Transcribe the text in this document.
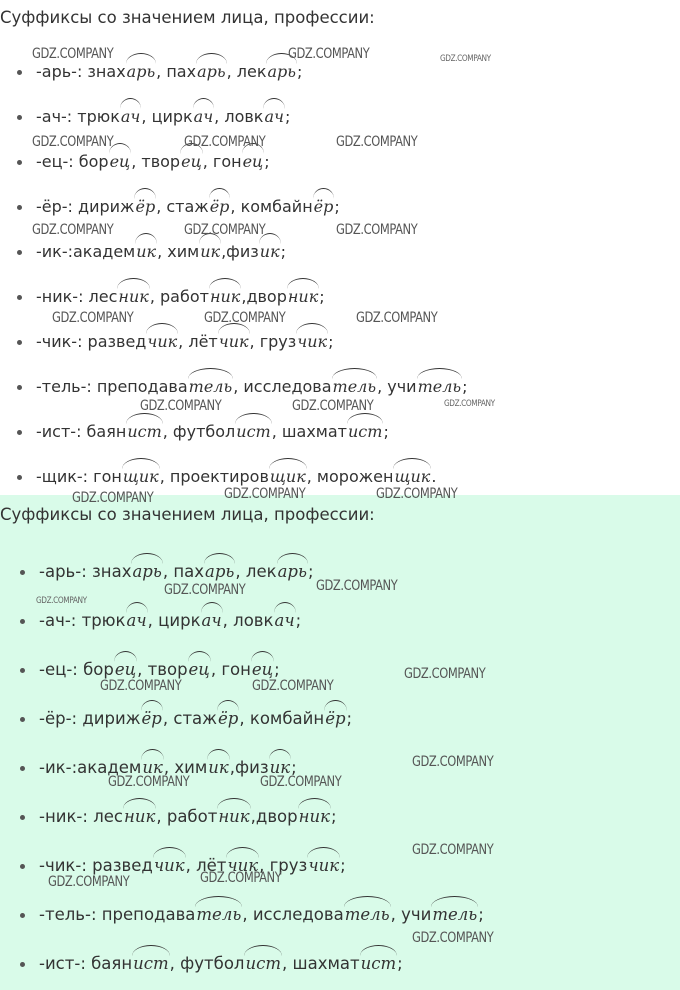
Суффиксы со значением лица, профессии:
-арь-: знахарь
, пахарь
, лекарь
;
-ач-: трюкач
, циркач
, ловкач
;
-ец-: борец
, творец
, гонец
;
-ёр-: дирижёр
, стажёр
, комбайнёр
;
-ик-:академик
, химик
,физик
;
-ник-: лесник
, работник
,дворник
;
-чик-: разведчик
, лётчик
, грузчик
;
-тель-: преподаватель
, исследователь
, учитель
;
-ист-: баянист
, футболист
, шахматист
;
-щик-: гонщик
, проектировщик
, мороженщик
.
Суффиксы со значением лица, профессии:
-арь-: знахарь
, пахарь
, лекарь
;
-ач-: трюкач
, циркач
, ловкач
;
-ец-: борец
, творец
, гонец
;
-ёр-: дирижёр
, стажёр
, комбайнёр
;
-ик-:академик
, химик
,физик
;
-ник-: лесник
, работник
,дворник
;
-чик-: разведчик
, лётчик
, грузчик
;
-тель-: преподаватель
, исследователь
, учитель
;
-ист-: баянист
, футболист
, шахматист
;
GDZ.COMPANY	GDZ.COMPANY	GDZ.COMPANY
GDZ.COMPANY	GDZ.COMPANY	GDZ.COMPANY
GDZ.COMPANY	GDZ.COMPANY	GDZ.COMPANY
GDZ.COMPANY	GDZ.COMPANY	GDZ.COMPANY
GDZ.COMPANY	GDZ.COMPANY	GDZ.COMPANY
GDZ.COMPANY	GDZ.COMPANY	GDZ.COMPANY
GDZ.COMPANY	GDZ.COMPANY
GDZ.COMPANY
GDZ.COMPANY
GDZ.COMPANY	GDZ.COMPANY
GDZ.COMPANY
GDZ.COMPANY	GDZ.COMPANY
GDZ.COMPANY
GDZ.COMPANY	GDZ.COMPANY
GDZ.COMPANY
